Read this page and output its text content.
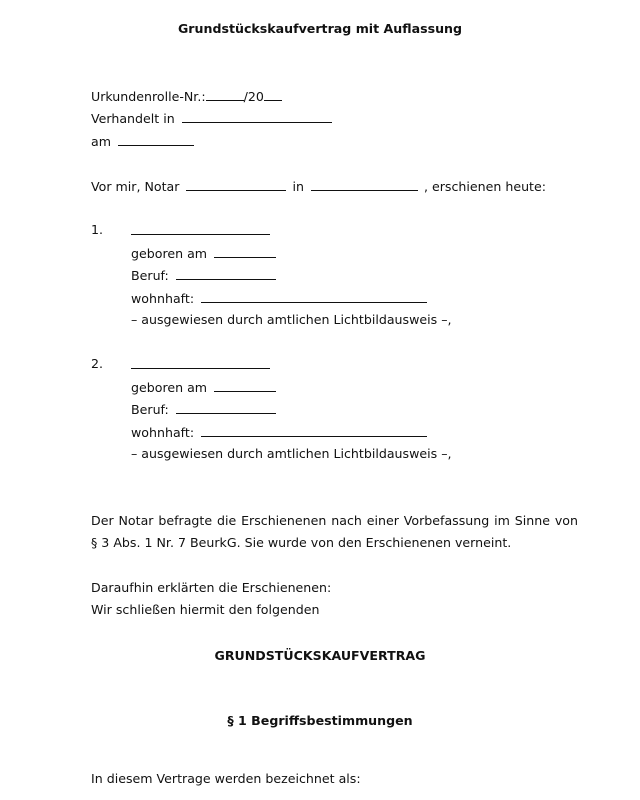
Grundstückskaufvertrag mit Auflassung
Urkundenrolle-Nr.:	/20
Verhandelt in
am
Vor mir, Notar	in	, erschienen heute:
1.
geboren am
Beruf:
wohnhaft:
– ausgewiesen durch amtlichen Lichtbildausweis –,
2.
geboren am
Beruf:
wohnhaft:
– ausgewiesen durch amtlichen Lichtbildausweis –,
Der Notar befragte die Erschienenen nach einer Vorbefassung im Sinne von
§ 3 Abs. 1 Nr. 7 BeurkG. Sie wurde von den Erschienenen verneint.
Daraufhin erklärten die Erschienenen:
Wir schließen hiermit den folgenden
GRUNDSTÜCKSKAUFVERTRAG
§ 1 Begriffsbestimmungen
In diesem Vertrage werden bezeichnet als:
